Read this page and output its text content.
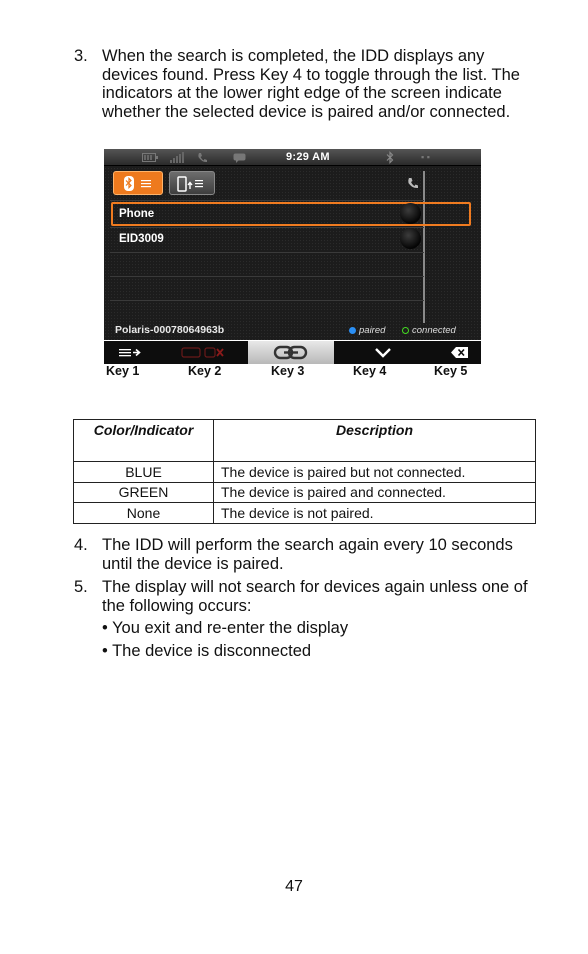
3. When the search is completed, the IDD displays any devices found. Press Key 4 to toggle through the list. The indicators at the lower right edge of the screen indicate whether the selected device is paired and/or connected.
9:29 AM	▪ ▪
Phone
EID3009
Polaris-00078064963b	paired	connected
Key 1	Key 2	Key 3	Key 4	Key 5
Color/Indicator	Description
BLUE	The device is paired but not connected.
GREEN	The device is paired and connected.
None	The device is not paired.
4. The IDD will perform the search again every 10 seconds until the device is paired.
5. The display will not search for devices again unless one of the following occurs:
• You exit and re-enter the display
• The device is disconnected
47
